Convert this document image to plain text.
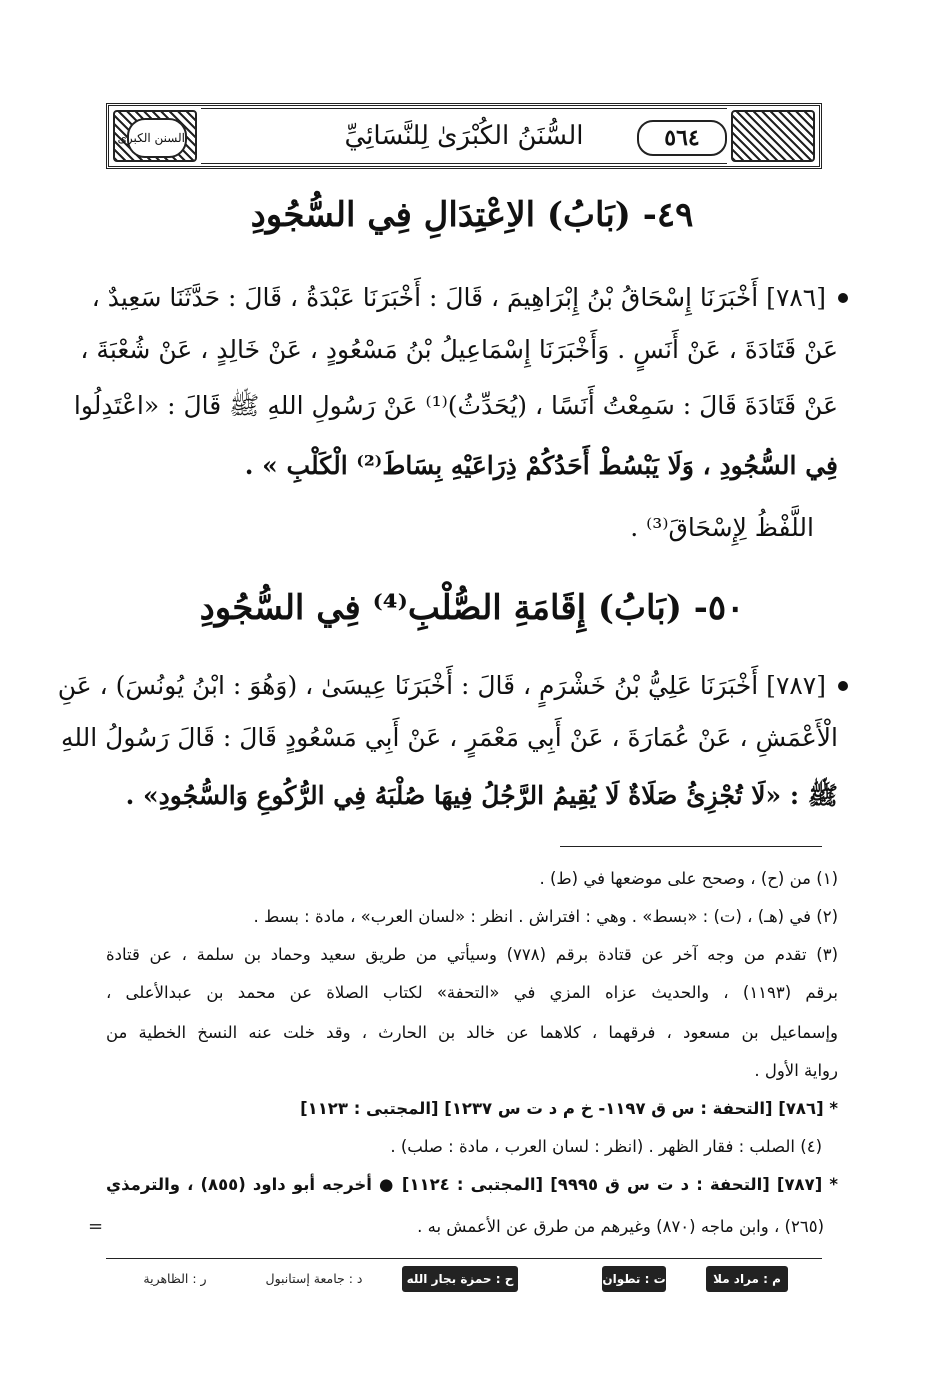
السنن الكبرى	٥٦٤
السُّنَنُ الكُبْرَىٰ لِلنَّسَائِيِّ
٤٩- (بَابُ) الاِعْتِدَالِ فِي السُّجُودِ
[٧٨٦] أَخْبَرَنَا إِسْحَاقُ بْنُ إِبْرَاهِيمَ ، قَالَ : أَخْبَرَنَا عَبْدَةُ ، قَالَ : حَدَّثَنَا سَعِيدٌ ،
عَنْ قَتَادَةَ ، عَنْ أَنَسٍ . وَأَخْبَرَنَا إِسْمَاعِيلُ بْنُ مَسْعُودٍ ، عَنْ خَالِدٍ ، عَنْ شُعْبَةَ ،
عَنْ قَتَادَةَ قَالَ : سَمِعْتُ أَنَسًا ، (يُحَدِّثُ)⁽¹⁾ عَنْ رَسُولِ اللهِ ﷺ قَالَ : «اعْتَدِلُوا
فِي السُّجُودِ ، وَلَا يَبْسُطْ أَحَدُكُمْ ذِرَاعَيْهِ بِسَاطَ⁽²⁾ الْكَلْبِ » .
اللَّفْظُ لِإِسْحَاقَ⁽³⁾ .
٥٠- (بَابُ) إِقَامَةِ الصُّلْبِ⁽⁴⁾ فِي السُّجُودِ
[٧٨٧] أَخْبَرَنَا عَلِيُّ بْنُ خَشْرَمٍ ، قَالَ : أَخْبَرَنَا عِيسَىٰ ، (وَهُوَ : ابْنُ يُونُسَ) ، عَنِ
الْأَعْمَشِ ، عَنْ عُمَارَةَ ، عَنْ أَبِي مَعْمَرٍ ، عَنْ أَبِي مَسْعُودٍ قَالَ : قَالَ رَسُولُ اللهِ
ﷺ : «لَا تُجْزِئُ صَلَاةٌ لَا يُقِيمُ الرَّجُلُ فِيهَا صُلْبَهُ فِي الرُّكُوعِ وَالسُّجُودِ» .
(١) من (ح) ، وصحح على موضعها في (ط) .
(٢) في (هـ) ، (ت) : «بسط» . وهي : افتراش . انظر : «لسان العرب» ، مادة : بسط .
(٣) تقدم من وجه آخر عن قتادة برقم (٧٧٨) وسيأتي من طريق سعيد وحماد بن سلمة ، عن قتادة
برقم (١١٩٣) ، والحديث عزاه المزي في «التحفة» لكتاب الصلاة عن محمد بن عبدالأعلى ،
وإسماعيل بن مسعود ، فرقهما ، كلاهما عن خالد بن الحارث ، وقد خلت عنه النسخ الخطية من
رواية الأول .
* [٧٨٦] [التحفة : س ق ١١٩٧- خ م د ت س ١٢٣٧] [المجتبى : ١١٢٣]
(٤) الصلب : فقار الظهر . (انظر : لسان العرب ، مادة : صلب) .
* [٧٨٧] [التحفة : د ت س ق ٩٩٩٥] [المجتبى : ١١٢٤] ● أخرجه أبو داود (٨٥٥) ، والترمذي
(٢٦٥) ، وابن ماجه (٨٧٠) وغيرهم من طرق عن الأعمش به .
=
م : مراد ملا
ت : تطوان
ح : حمزة بجار الله
د : جامعة إستانبول
ر : الظاهرية
